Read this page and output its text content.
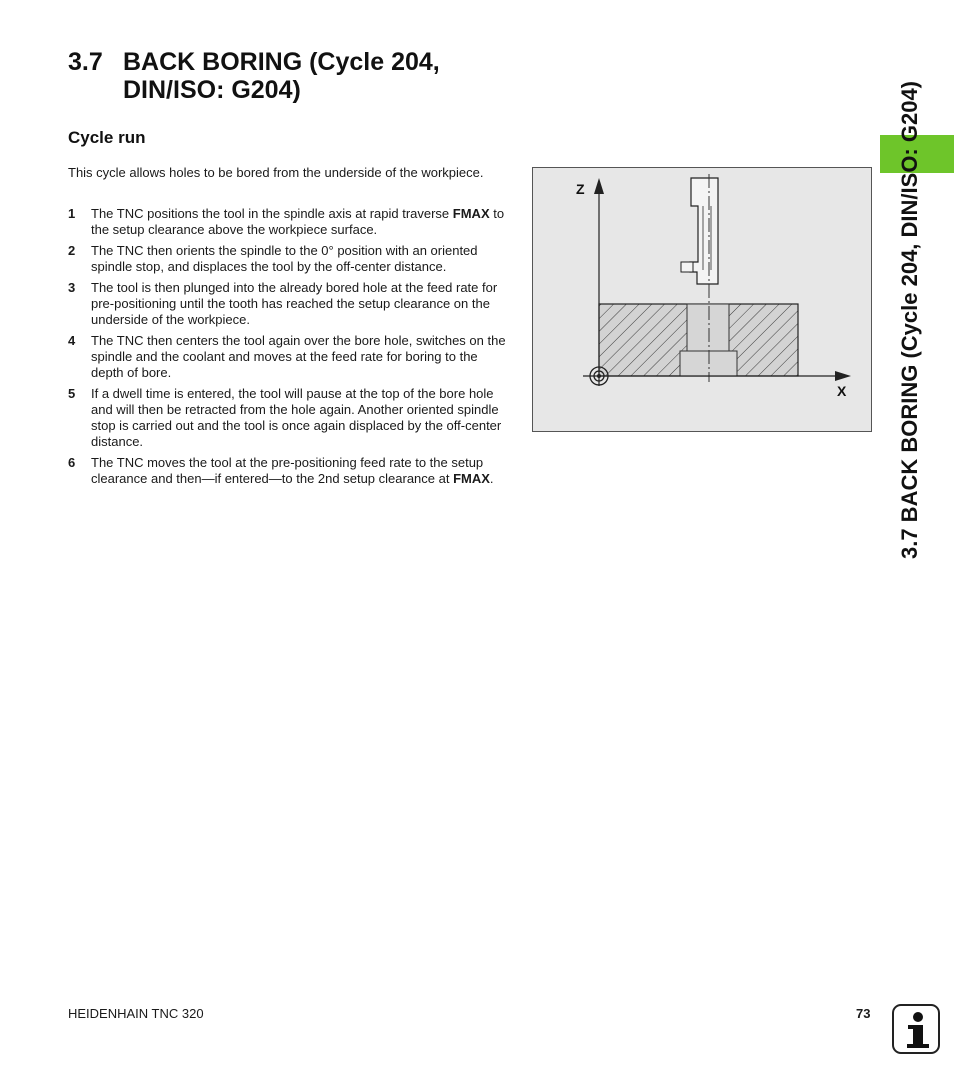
3.7 BACK BORING (Cycle 204, DIN/ISO: G204)
Cycle run

This cycle allows holes to be bored from the underside of the workpiece.

1 The TNC positions the tool in the spindle axis at rapid traverse FMAX to the setup clearance above the workpiece surface.
2 The TNC then orients the spindle to the 0° position with an oriented spindle stop, and displaces the tool by the off-center distance.
3 The tool is then plunged into the already bored hole at the feed rate for pre-positioning until the tooth has reached the setup clearance on the underside of the workpiece.
4 The TNC then centers the tool again over the bore hole, switches on the spindle and the coolant and moves at the feed rate for boring to the depth of bore.
5 If a dwell time is entered, the tool will pause at the top of the bore hole and will then be retracted from the hole again. Another oriented spindle stop is carried out and the tool is once again displaced by the off-center distance.
6 The TNC moves the tool at the pre-positioning feed rate to the setup clearance and then—if entered—to the 2nd setup clearance at FMAX.
Z
X 3.7 BACK BORING (Cycle 204, DIN/ISO: G204)
HEIDENHAIN TNC 320	73
